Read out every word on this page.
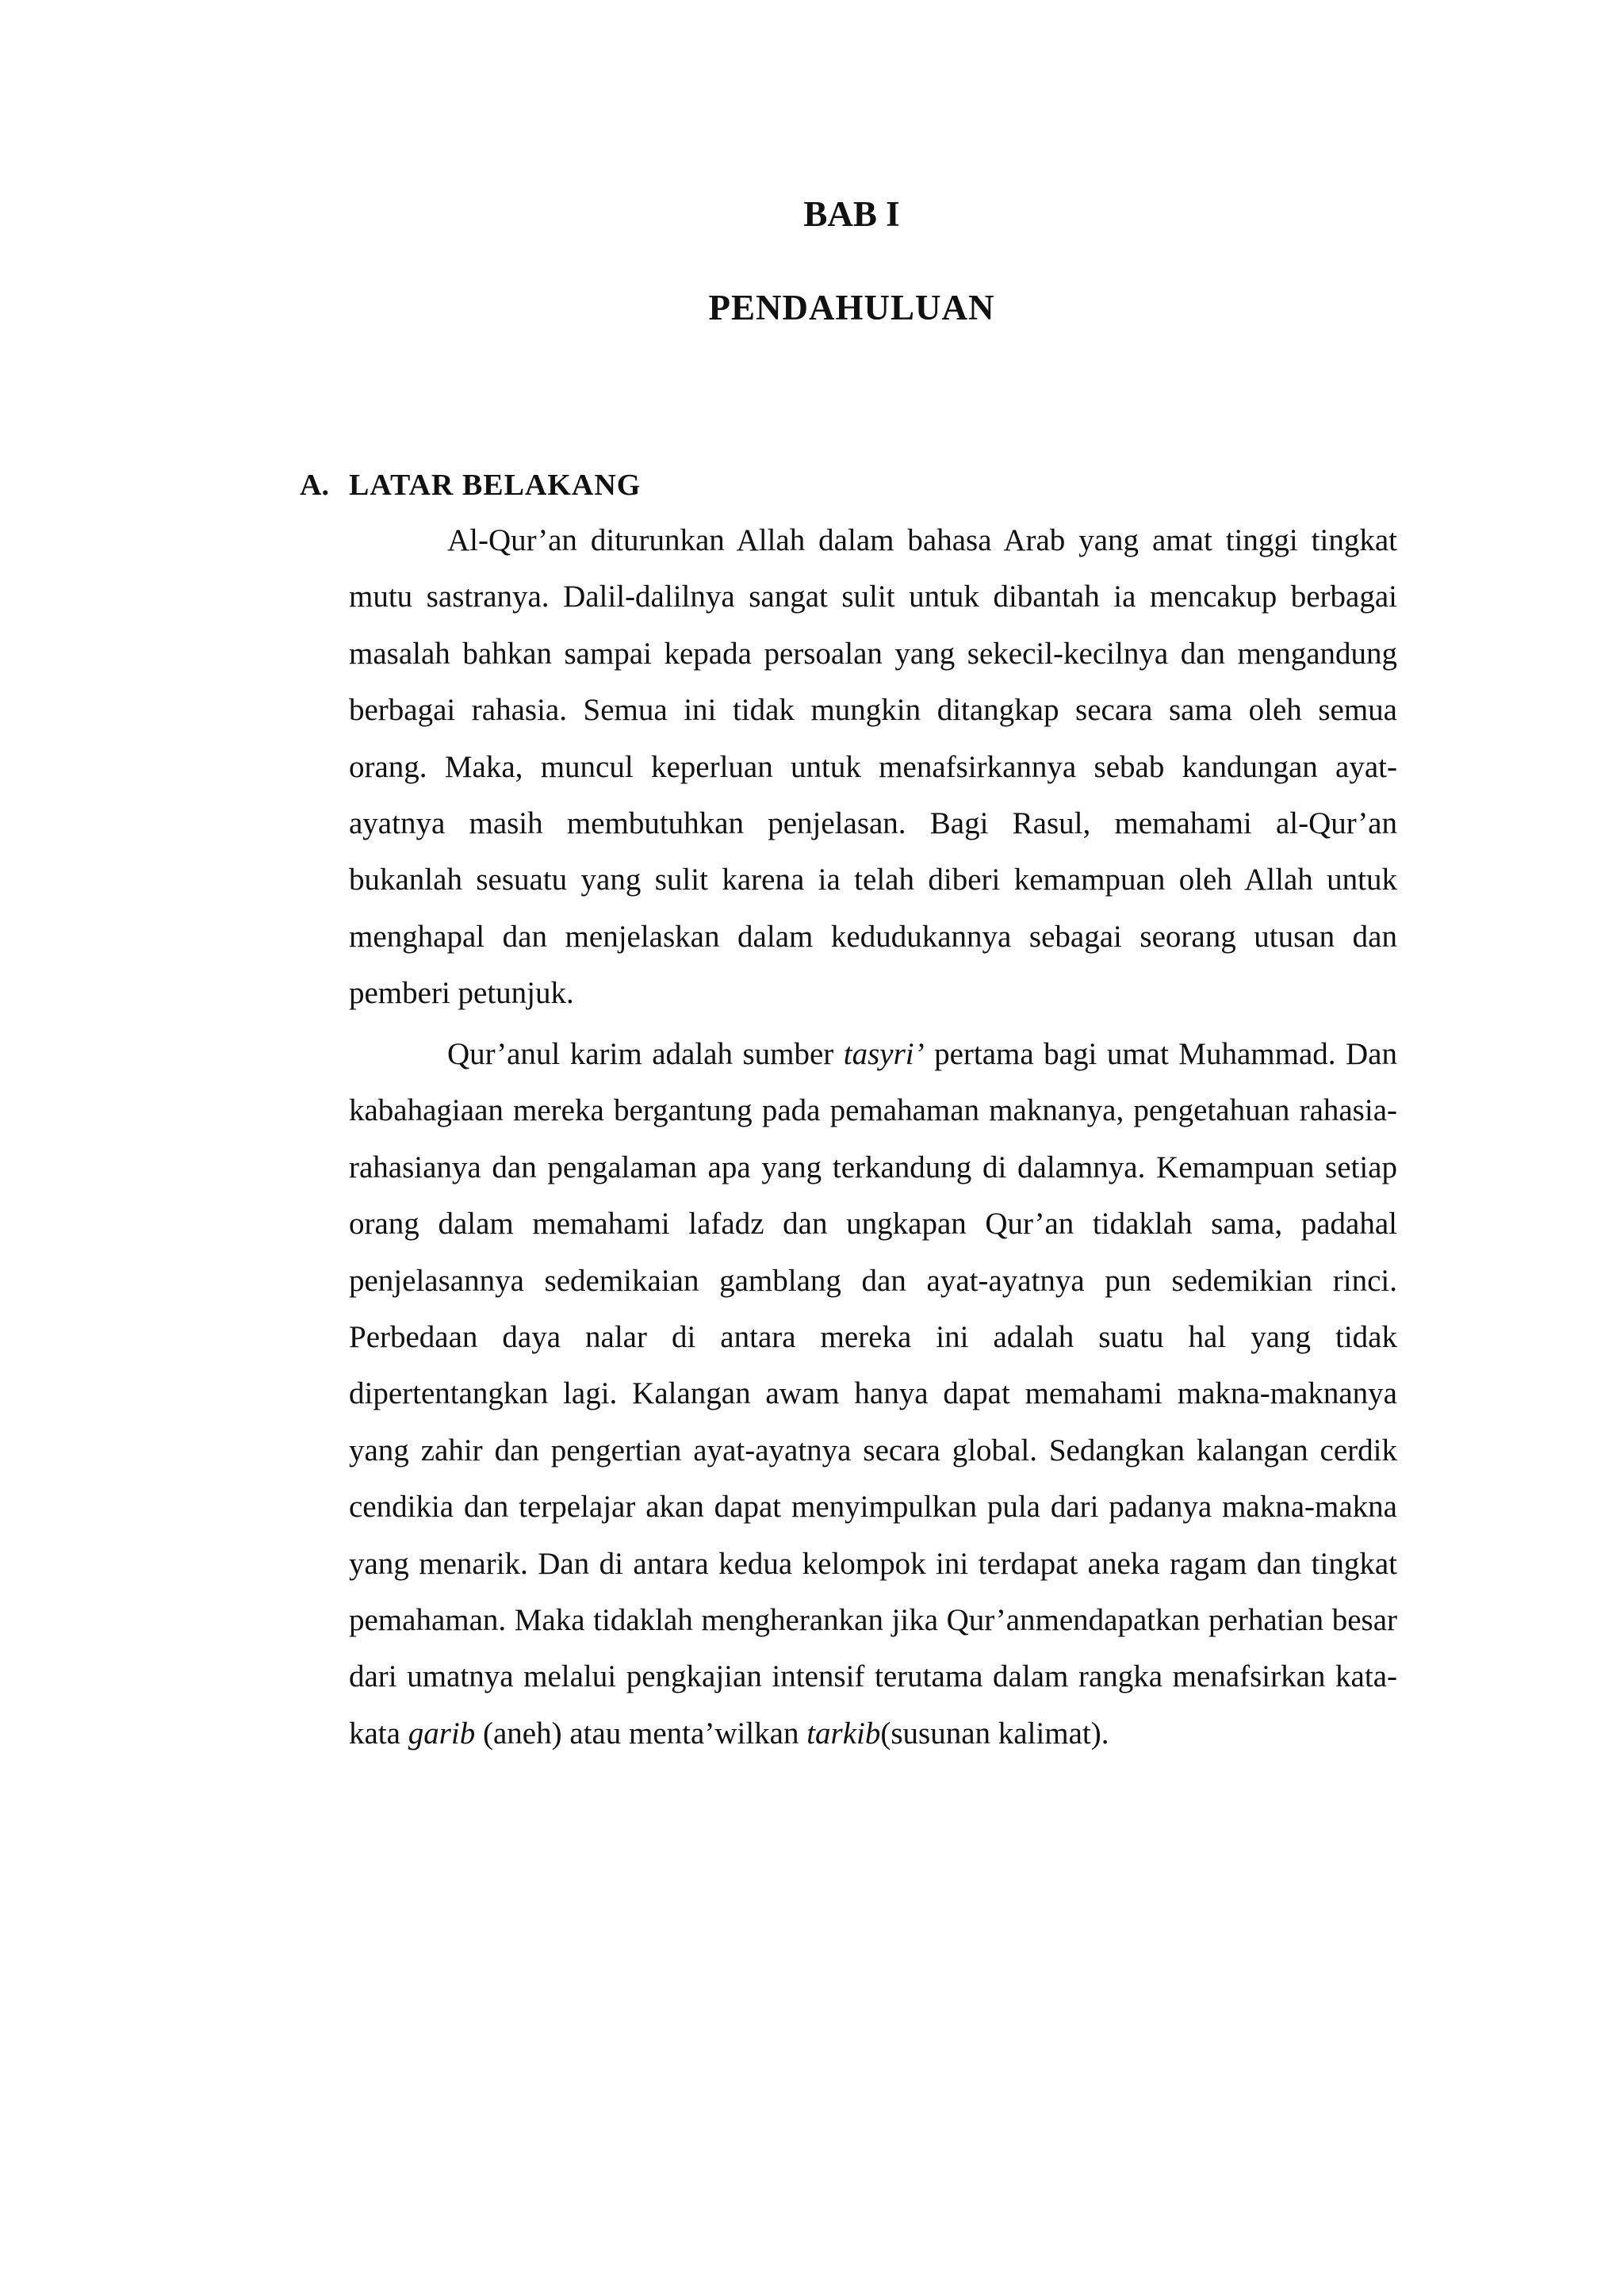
BAB I
PENDAHULUAN
A. LATAR BELAKANG

Al-Qur’an diturunkan Allah dalam bahasa Arab yang amat tinggi tingkat mutu sastranya. Dalil-dalilnya sangat sulit untuk dibantah ia mencakup berbagai masalah bahkan sampai kepada persoalan yang sekecil-kecilnya dan mengandung berbagai rahasia. Semua ini tidak mungkin ditangkap secara sama oleh semua orang. Maka, muncul keperluan untuk menafsirkannya sebab kandungan ayat-ayatnya masih membutuhkan penjelasan. Bagi Rasul, memahami al-Qur’an bukanlah sesuatu yang sulit karena ia telah diberi kemampuan oleh Allah untuk menghapal dan menjelaskan dalam kedudukannya sebagai seorang utusan dan pemberi petunjuk.

Qur’anul karim adalah sumber tasyri’ pertama bagi umat Muhammad. Dan kabahagiaan mereka bergantung pada pemahaman maknanya, pengetahuan rahasia-rahasianya dan pengalaman apa yang terkandung di dalamnya. Kemampuan setiap orang dalam memahami lafadz dan ungkapan Qur’an tidaklah sama, padahal penjelasannya sedemikaian gamblang dan ayat-ayatnya pun sedemikian rinci. Perbedaan daya nalar di antara mereka ini adalah suatu hal yang tidak dipertentangkan lagi. Kalangan awam hanya dapat memahami makna-maknanya yang zahir dan pengertian ayat-ayatnya secara global. Sedangkan kalangan cerdik cendikia dan terpelajar akan dapat menyimpulkan pula dari padanya makna-makna yang menarik. Dan di antara kedua kelompok ini terdapat aneka ragam dan tingkat pemahaman. Maka tidaklah mengherankan jika Qur’anmendapatkan perhatian besar dari umatnya melalui pengkajian intensif terutama dalam rangka menafsirkan kata-kata garib (aneh) atau menta’wilkan tarkib(susunan kalimat).
